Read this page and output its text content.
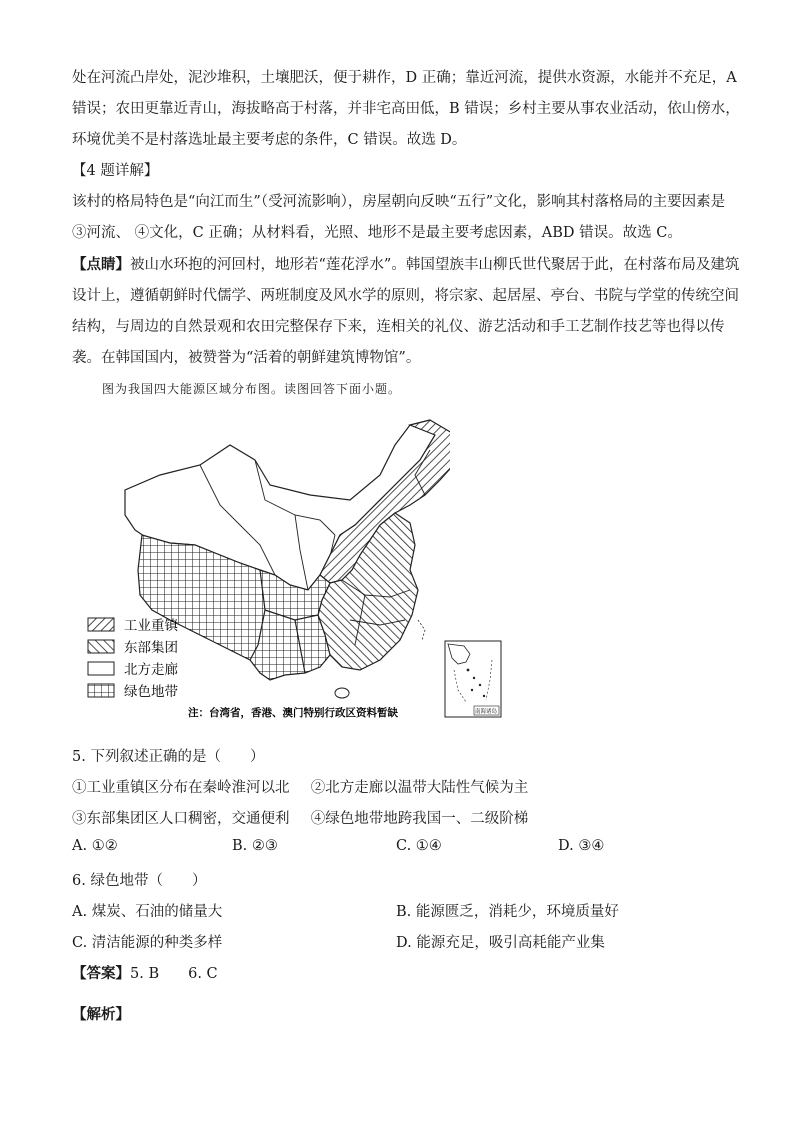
处在河流凸岸处，泥沙堆积，土壤肥沃，便于耕作，D 正确；靠近河流，提供水资源，水能并不充足，A

错误；农田更靠近青山，海拔略高于村落，并非宅高田低，B 错误；乡村主要从事农业活动，依山傍水，

环境优美不是村落选址最主要考虑的条件，C 错误。故选 D。

【4 题详解】

该村的格局特色是“向江而生”（受河流影响），房屋朝向反映“五行”文化，影响其村落格局的主要因素是

③河流、 ④文化，C 正确；从材料看，光照、地形不是最主要考虑因素，ABD 错误。故选 C。

【点睛】被山水环抱的河回村，地形若“莲花浮水”。韩国望族丰山柳氏世代聚居于此，在村落布局及建筑

设计上，遵循朝鲜时代儒学、两班制度及风水学的原则，将宗家、起居屋、亭台、书院与学堂的传统空间

结构，与周边的自然景观和农田完整保存下来，连相关的礼仪、游艺活动和手工艺制作技艺等也得以传

袭。在韩国国内，被赞誉为“活着的朝鲜建筑博物馆”。

图为我国四大能源区域分布图。读图回答下面小题。
工业重镇
东部集团
北方走廊
绿色地带
注：台湾省，香港、澳门特别行政区资料暂缺	南海诸岛

5. 下列叙述正确的是（　　）

①工业重镇区分布在秦岭淮河以北 ②北方走廊以温带大陆性气候为主

③东部集团区人口稠密，交通便利 ④绿色地带地跨我国一、二级阶梯

A. ①②	B. ②③	C. ①④	D. ③④

6. 绿色地带（　　）

A. 煤炭、石油的储量大	B. 能源匮乏，消耗少，环境质量好
C. 清洁能源的种类多样	D. 能源充足，吸引高耗能产业集

【答案】5. B　　6. C

【解析】
